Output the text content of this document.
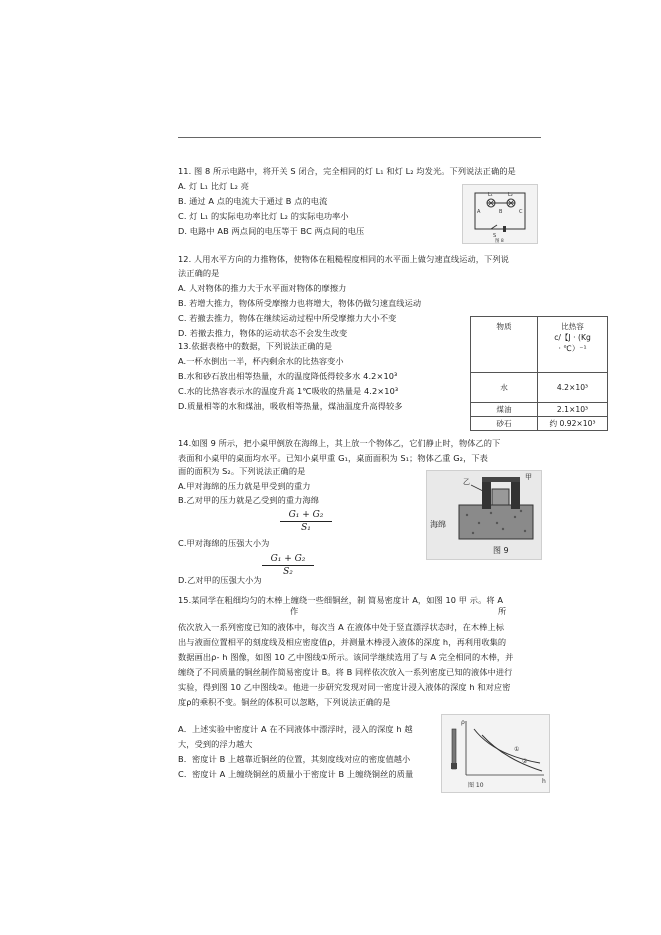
11. 图 8 所示电路中，将开关 S 闭合，完全相同的灯 L₁ 和灯 L₂ 均发光。下列说法正确的是
A. 灯 L₁ 比灯 L₂ 亮
B. 通过 A 点的电流大于通过 B 点的电流
C. 灯 L₁ 的实际电功率比灯 L₂ 的实际电功率小
D. 电路中 AB 两点间的电压等于 BC 两点间的电压
L₁	L₂
A	B	C
S
图 8
12. 人用水平方向的力推物体，使物体在粗糙程度相同的水平面上做匀速直线运动，下列说
法正确的是
A. 人对物体的推力大于水平面对物体的摩擦力
B. 若增大推力，物体所受摩擦力也将增大，物体仍做匀速直线运动
C. 若撤去推力，物体在继续运动过程中所受摩擦力大小不变
D. 若撤去推力，物体的运动状态不会发生改变
13.依据表格中的数据，下列说法正确的是
A.一杯水倒出一半，杯内剩余水的比热容变小
B.水和砂石放出相等热量，水的温度降低得较多水 4.2×10³
C.水的比热容表示水的温度升高 1℃吸收的热量是 4.2×10³
D.质量相等的水和煤油，吸收相等热量，煤油温度升高得较多
物质	比热容
c/【J · (Kg
· ℃）⁻¹

水	4.2×10³
煤油	2.1×10³
砂石	约 0.92×10³
14.如图 9 所示，把小桌甲倒放在海绵上，其上放一个物体乙，它们静止时，物体乙的下
表面和小桌甲的桌面均水平。已知小桌甲重 G₁，桌面面积为 S₁；物体乙重 G₂，下表
面的面积为 S₂。下列说法正确的是
A.甲对海绵的压力就是甲受到的重力
B.乙对甲的压力就是乙受到的重力海绵
G₁ + G₂
S₁
C.甲对海绵的压强大小为
G₁ + G₂
S₂
D.乙对甲的压强大小为
乙
甲
海绵
图 9
15.某同学在粗细均匀的木棒上缠绕一些细铜丝，制 简易密度计 A，如图 10 甲 示。将 A
作	所
依次放入一系列密度已知的液体中，每次当 A 在液体中处于竖直漂浮状态时，在木棒上标
出与液面位置相平的刻度线及相应密度值ρ，并测量木棒浸入液体的深度 h，再利用收集的
数据画出ρ- h 图像，如图 10 乙中图线①所示。该同学继续选用了与 A 完全相同的木棒，并
缠绕了不同质量的铜丝制作简易密度计 B。将 B 同样依次放入一系列密度已知的液体中进行
实验，得到图 10 乙中图线②。他进一步研究发现对同一密度计浸入液体的深度 h 和对应密
度ρ的乘积不变。铜丝的体积可以忽略，下列说法正确的是
A．上述实验中密度计 A 在不同液体中漂浮时，浸入的深度 h 越
大，受到的浮力越大
B．密度计 B 上越靠近铜丝的位置，其刻度线对应的密度值越小
C．密度计 A 上缠绕铜丝的质量小于密度计 B 上缠绕铜丝的质量
ρ
h
①
②
图 10
